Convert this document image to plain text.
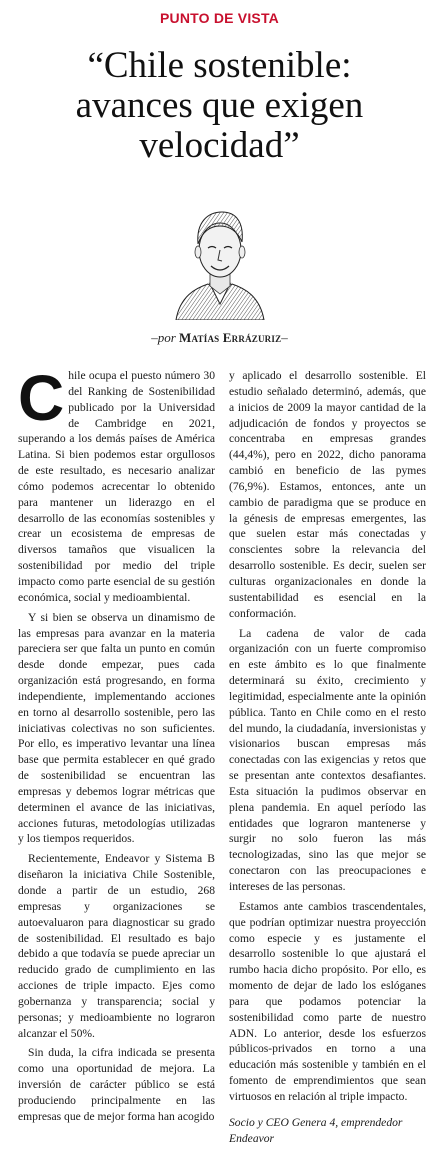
PUNTO DE VISTA
“Chile sostenible:
avances que exigen
velocidad”
–por Matías Errázuriz–

Chile ocupa el puesto número 30 del Ranking de Sostenibilidad publicado por la Universidad de Cambridge en 2021, superando a los demás países de América Latina. Si bien podemos estar orgullosos de este resultado, es necesario analizar cómo podemos acrecentar lo obtenido para mantener un liderazgo en el desarrollo de las economías sostenibles y crear un ecosistema de empresas de diversos tamaños que visualicen la sostenibilidad por medio del triple impacto como parte esencial de su gestión económica, social y medioambiental.

Y si bien se observa un dinamismo de las empresas para avanzar en la materia pareciera ser que falta un punto en común desde donde empezar, pues cada organización está progresando, en forma independiente, implementando acciones en torno al desarrollo sostenible, pero las iniciativas colectivas no son suficientes. Por ello, es imperativo levantar una línea base que permita establecer en qué grado de sostenibilidad se encuentran las empresas y debemos lograr métricas que determinen el avance de las iniciativas, acciones futuras, metodologías utilizadas y los tiempos requeridos.

Recientemente, Endeavor y Sistema B diseñaron la iniciativa Chile Sostenible, donde a partir de un estudio, 268 empresas y organizaciones se autoevaluaron para diagnosticar su grado de sostenibilidad. El resultado es bajo debido a que todavía se puede apreciar un reducido grado de cumplimiento en las acciones de triple impacto. Ejes como gobernanza y transparencia; social y personas; y medioambiente no lograron alcanzar el 50%.

Sin duda, la cifra indicada se presenta como una oportunidad de mejora. La inversión de carácter público se está produciendo principalmente en las empresas que de mejor forma han acogido

y aplicado el desarrollo sostenible. El estudio señalado determinó, además, que a inicios de 2009 la mayor cantidad de la adjudicación de fondos y proyectos se concentraba en empresas grandes (44,4%), pero en 2022, dicho panorama cambió en beneficio de las pymes (76,9%). Estamos, entonces, ante un cambio de paradigma que se produce en la génesis de empresas emergentes, las que suelen estar más conectadas y conscientes sobre la relevancia del desarrollo sostenible. Es decir, suelen ser culturas organizacionales en donde la sustentabilidad es esencial en la conformación.

La cadena de valor de cada organización con un fuerte compromiso en este ámbito es lo que finalmente determinará su éxito, crecimiento y legitimidad, especialmente ante la opinión pública. Tanto en Chile como en el resto del mundo, la ciudadanía, inversionistas y visionarios buscan empresas más conectadas con las exigencias y retos que se presentan ante contextos desafiantes. Esta situación la pudimos observar en plena pandemia. En aquel período las entidades que lograron mantenerse y surgir no solo fueron las más tecnologizadas, sino las que mejor se conectaron con las preocupaciones e intereses de las personas.

Estamos ante cambios trascendentales, que podrían optimizar nuestra proyección como especie y es justamente el desarrollo sostenible lo que ajustará el rumbo hacia dicho propósito. Por ello, es momento de dejar de lado los eslóganes para que podamos potenciar la sostenibilidad como parte de nuestro ADN. Lo anterior, desde los esfuerzos públicos-privados en torno a una educación más sostenible y también en el fomento de emprendimientos que sean virtuosos en relación al triple impacto.

Socio y CEO Genera 4, emprendedor Endeavor
